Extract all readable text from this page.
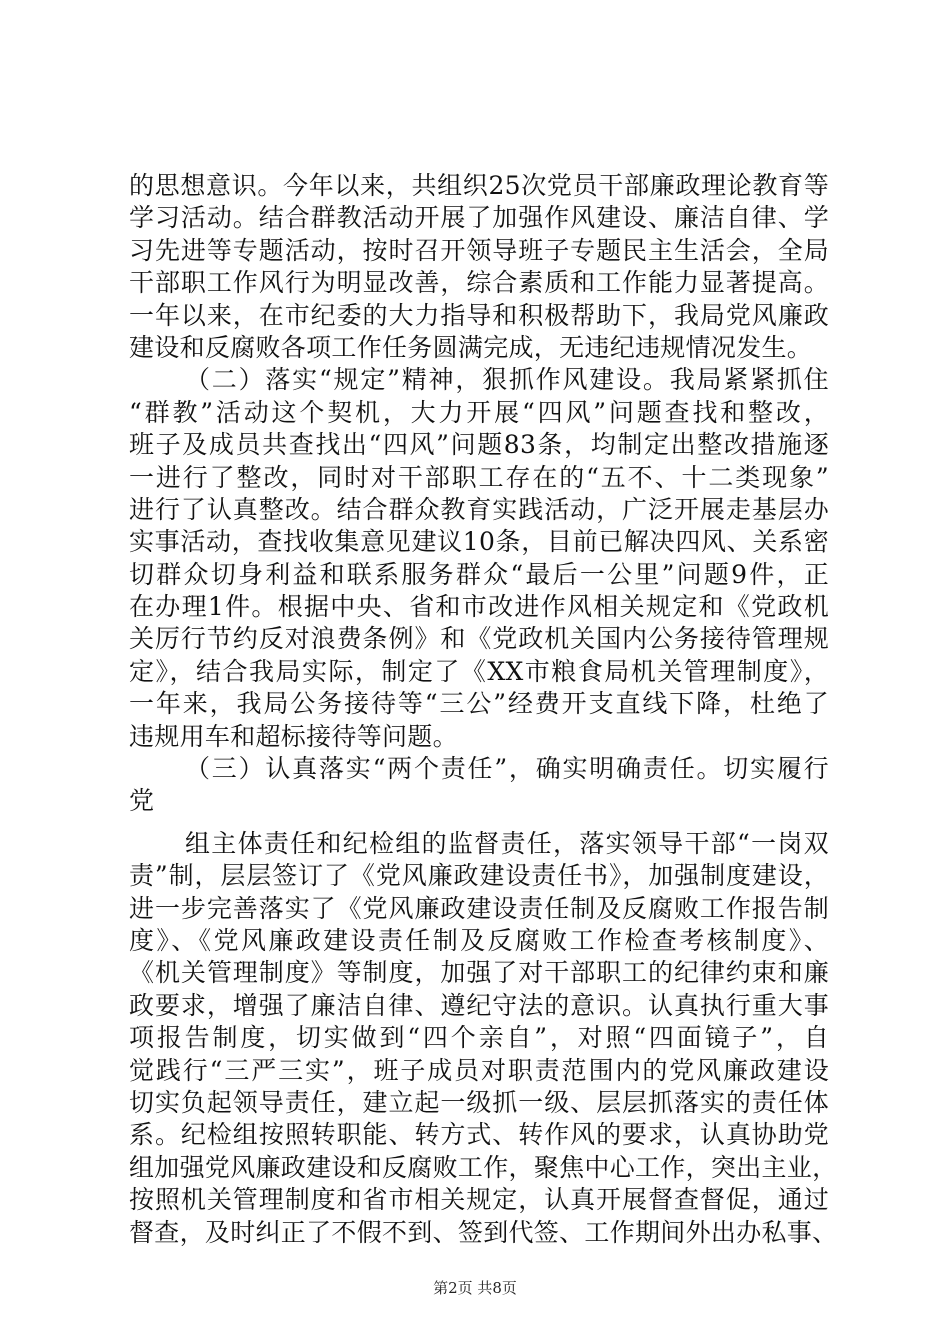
的思想意识。今年以来，共组织25次党员干部廉政理论教育等
学习活动。结合群教活动开展了加强作风建设、廉洁自律、学
习先进等专题活动，按时召开领导班子专题民主生活会，全局
干部职工作风行为明显改善，综合素质和工作能力显著提高。
一年以来，在市纪委的大力指导和积极帮助下，我局党风廉政
建设和反腐败各项工作任务圆满完成，无违纪违规情况发生。
（二）落实“规定”精神，狠抓作风建设。我局紧紧抓住
“群教”活动这个契机，大力开展“四风”问题查找和整改，
班子及成员共查找出“四风”问题83条，均制定出整改措施逐
一进行了整改，同时对干部职工存在的“五不、十二类现象”
进行了认真整改。结合群众教育实践活动，广泛开展走基层办
实事活动，查找收集意见建议10条，目前已解决四风、关系密
切群众切身利益和联系服务群众“最后一公里”问题9件，正
在办理1件。根据中央、省和市改进作风相关规定和《党政机
关厉行节约反对浪费条例》和《党政机关国内公务接待管理规
定》，结合我局实际，制定了《XX市粮食局机关管理制度》，
一年来，我局公务接待等“三公”经费开支直线下降，杜绝了
违规用车和超标接待等问题。
（三）认真落实“两个责任”，确实明确责任。切实履行
党
组主体责任和纪检组的监督责任，落实领导干部“一岗双
责”制，层层签订了《党风廉政建设责任书》，加强制度建设，
进一步完善落实了《党风廉政建设责任制及反腐败工作报告制
度》、《党风廉政建设责任制及反腐败工作检查考核制度》、
《机关管理制度》等制度，加强了对干部职工的纪律约束和廉
政要求，增强了廉洁自律、遵纪守法的意识。认真执行重大事
项报告制度，切实做到“四个亲自”，对照“四面镜子”，自
觉践行“三严三实”，班子成员对职责范围内的党风廉政建设
切实负起领导责任，建立起一级抓一级、层层抓落实的责任体
系。纪检组按照转职能、转方式、转作风的要求，认真协助党
组加强党风廉政建设和反腐败工作，聚焦中心工作，突出主业，
按照机关管理制度和省市相关规定，认真开展督查督促，通过
督查，及时纠正了不假不到、签到代签、工作期间外出办私事、
第2页 共8页
